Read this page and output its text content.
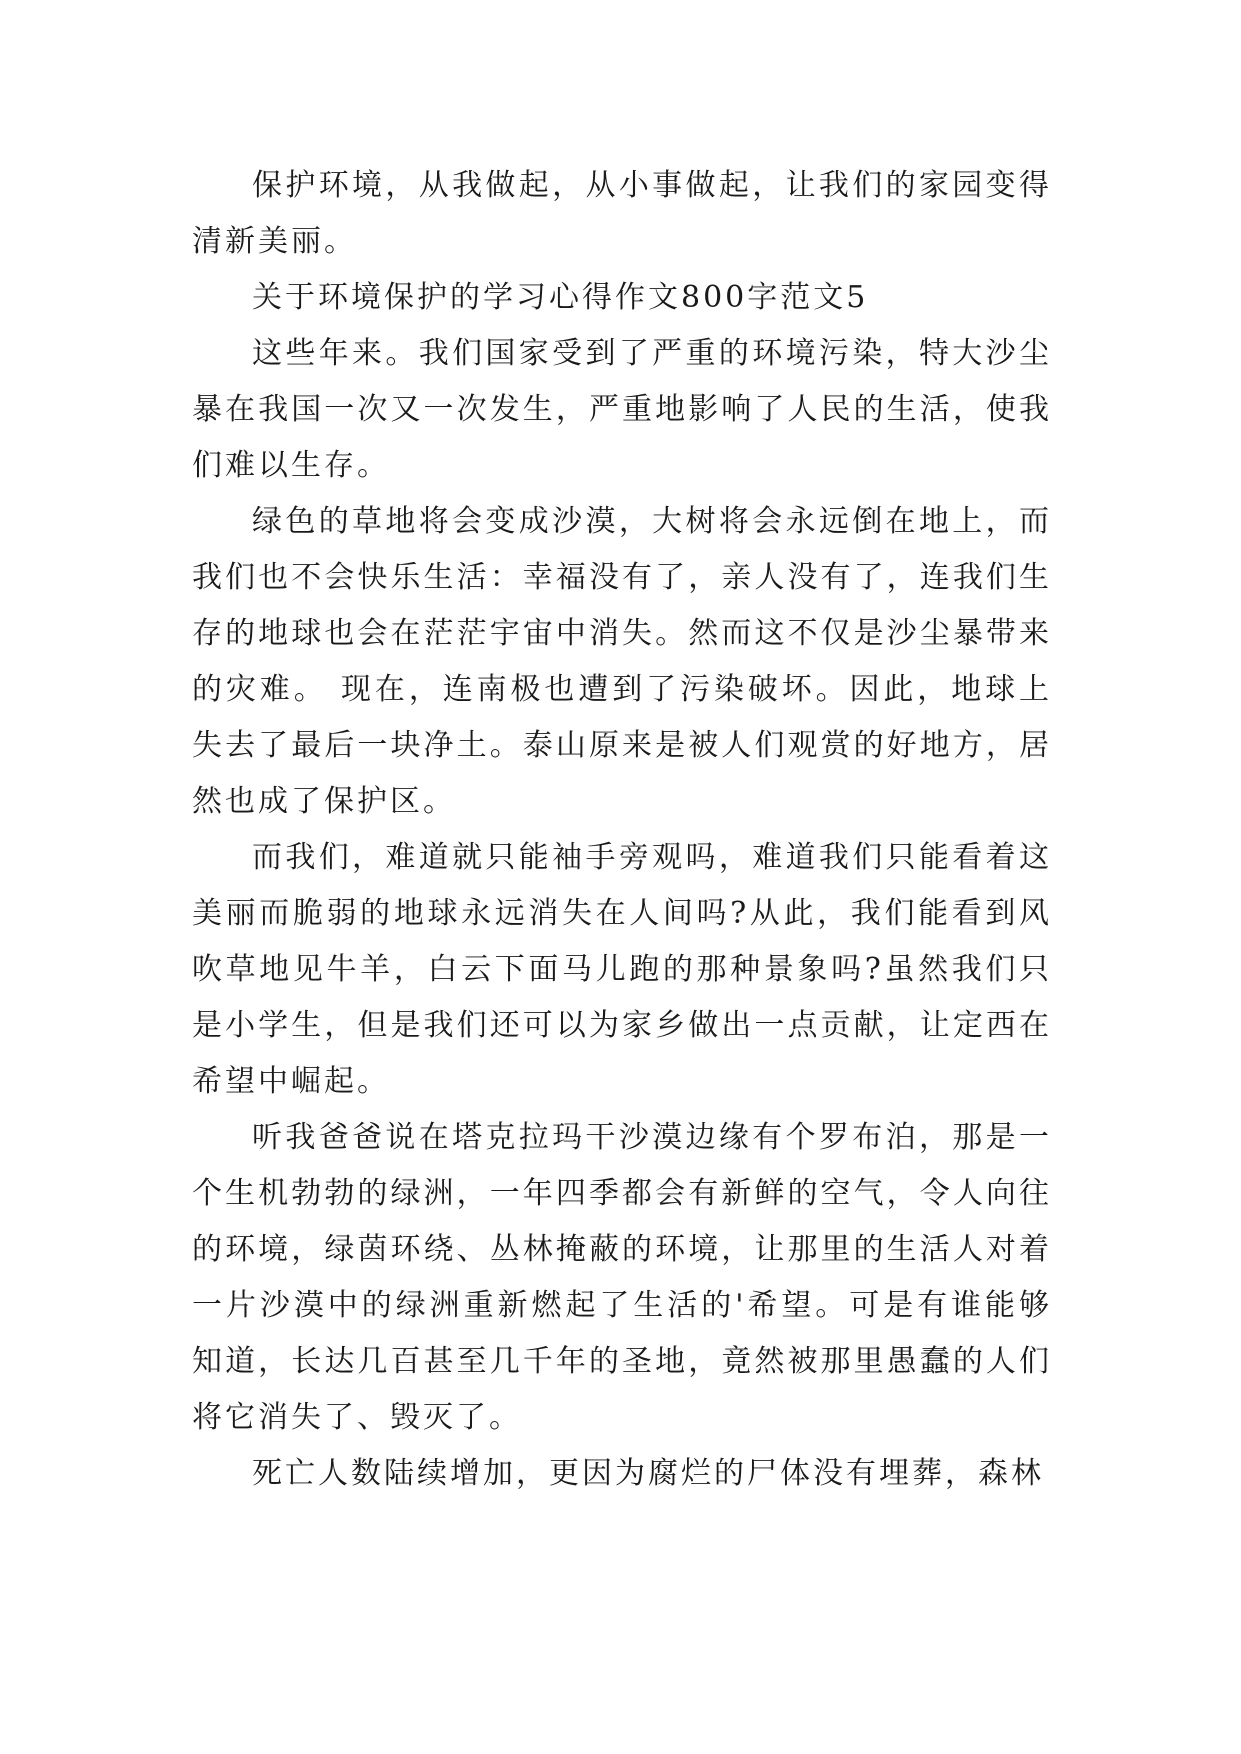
保护环境，从我做起，从小事做起，让我们的家园变得清新美丽。

关于环境保护的学习心得作文800字范文5

这些年来。我们国家受到了严重的环境污染，特大沙尘暴在我国一次又一次发生，严重地影响了人民的生活，使我们难以生存。

绿色的草地将会变成沙漠，大树将会永远倒在地上，而我们也不会快乐生活：幸福没有了，亲人没有了，连我们生存的地球也会在茫茫宇宙中消失。然而这不仅是沙尘暴带来的灾难。 现在，连南极也遭到了污染破坏。因此，地球上失去了最后一块净土。泰山原来是被人们观赏的好地方，居然也成了保护区。

而我们，难道就只能袖手旁观吗，难道我们只能看着这美丽而脆弱的地球永远消失在人间吗?从此，我们能看到风吹草地见牛羊，白云下面马儿跑的那种景象吗?虽然我们只是小学生，但是我们还可以为家乡做出一点贡献，让定西在希望中崛起。

听我爸爸说在塔克拉玛干沙漠边缘有个罗布泊，那是一个生机勃勃的绿洲，一年四季都会有新鲜的空气，令人向往的环境，绿茵环绕、丛林掩蔽的环境，让那里的生活人对着一片沙漠中的绿洲重新燃起了生活的'希望。可是有谁能够知道，长达几百甚至几千年的圣地，竟然被那里愚蠢的人们将它消失了、毁灭了。

死亡人数陆续增加，更因为腐烂的尸体没有埋葬，森林
